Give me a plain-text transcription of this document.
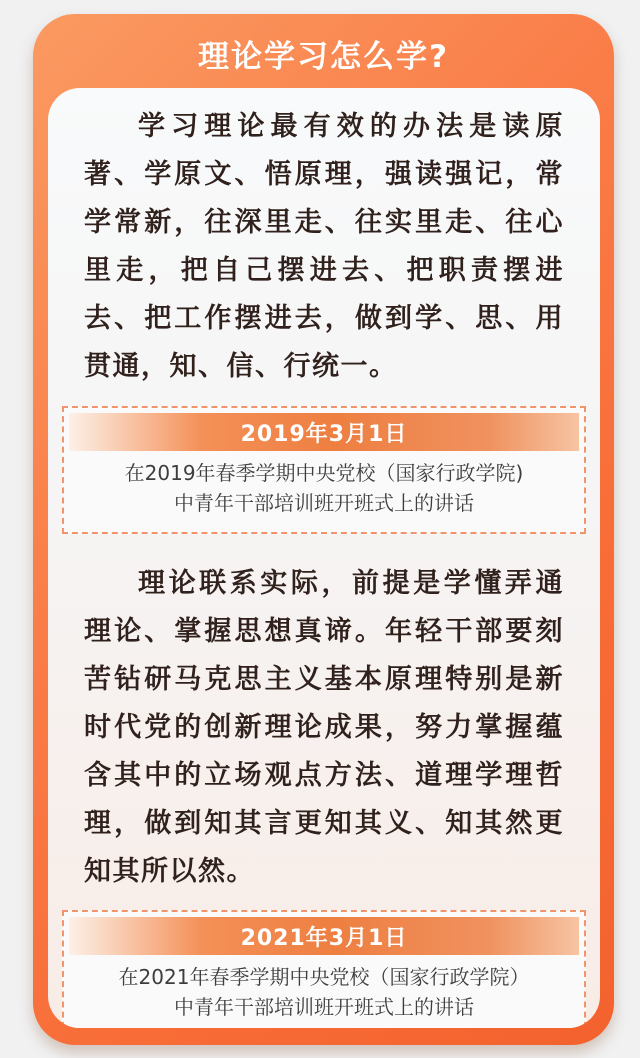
理论学习怎么学?

学习理论最有效的办法是读原著、学原文、悟原理，强读强记，常学常新，往深里走、往实里走、往心里走，把自己摆进去、把职责摆进去、把工作摆进去，做到学、思、用贯通，知、信、行统一。

2019年3月1日
在2019年春季学期中央党校（国家行政学院)
中青年干部培训班开班式上的讲话

理论联系实际，前提是学懂弄通理论、掌握思想真谛。年轻干部要刻苦钻研马克思主义基本原理特别是新时代党的创新理论成果，努力掌握蕴含其中的立场观点方法、道理学理哲理，做到知其言更知其义、知其然更知其所以然。

2021年3月1日
在2021年春季学期中央党校（国家行政学院）
中青年干部培训班开班式上的讲话
